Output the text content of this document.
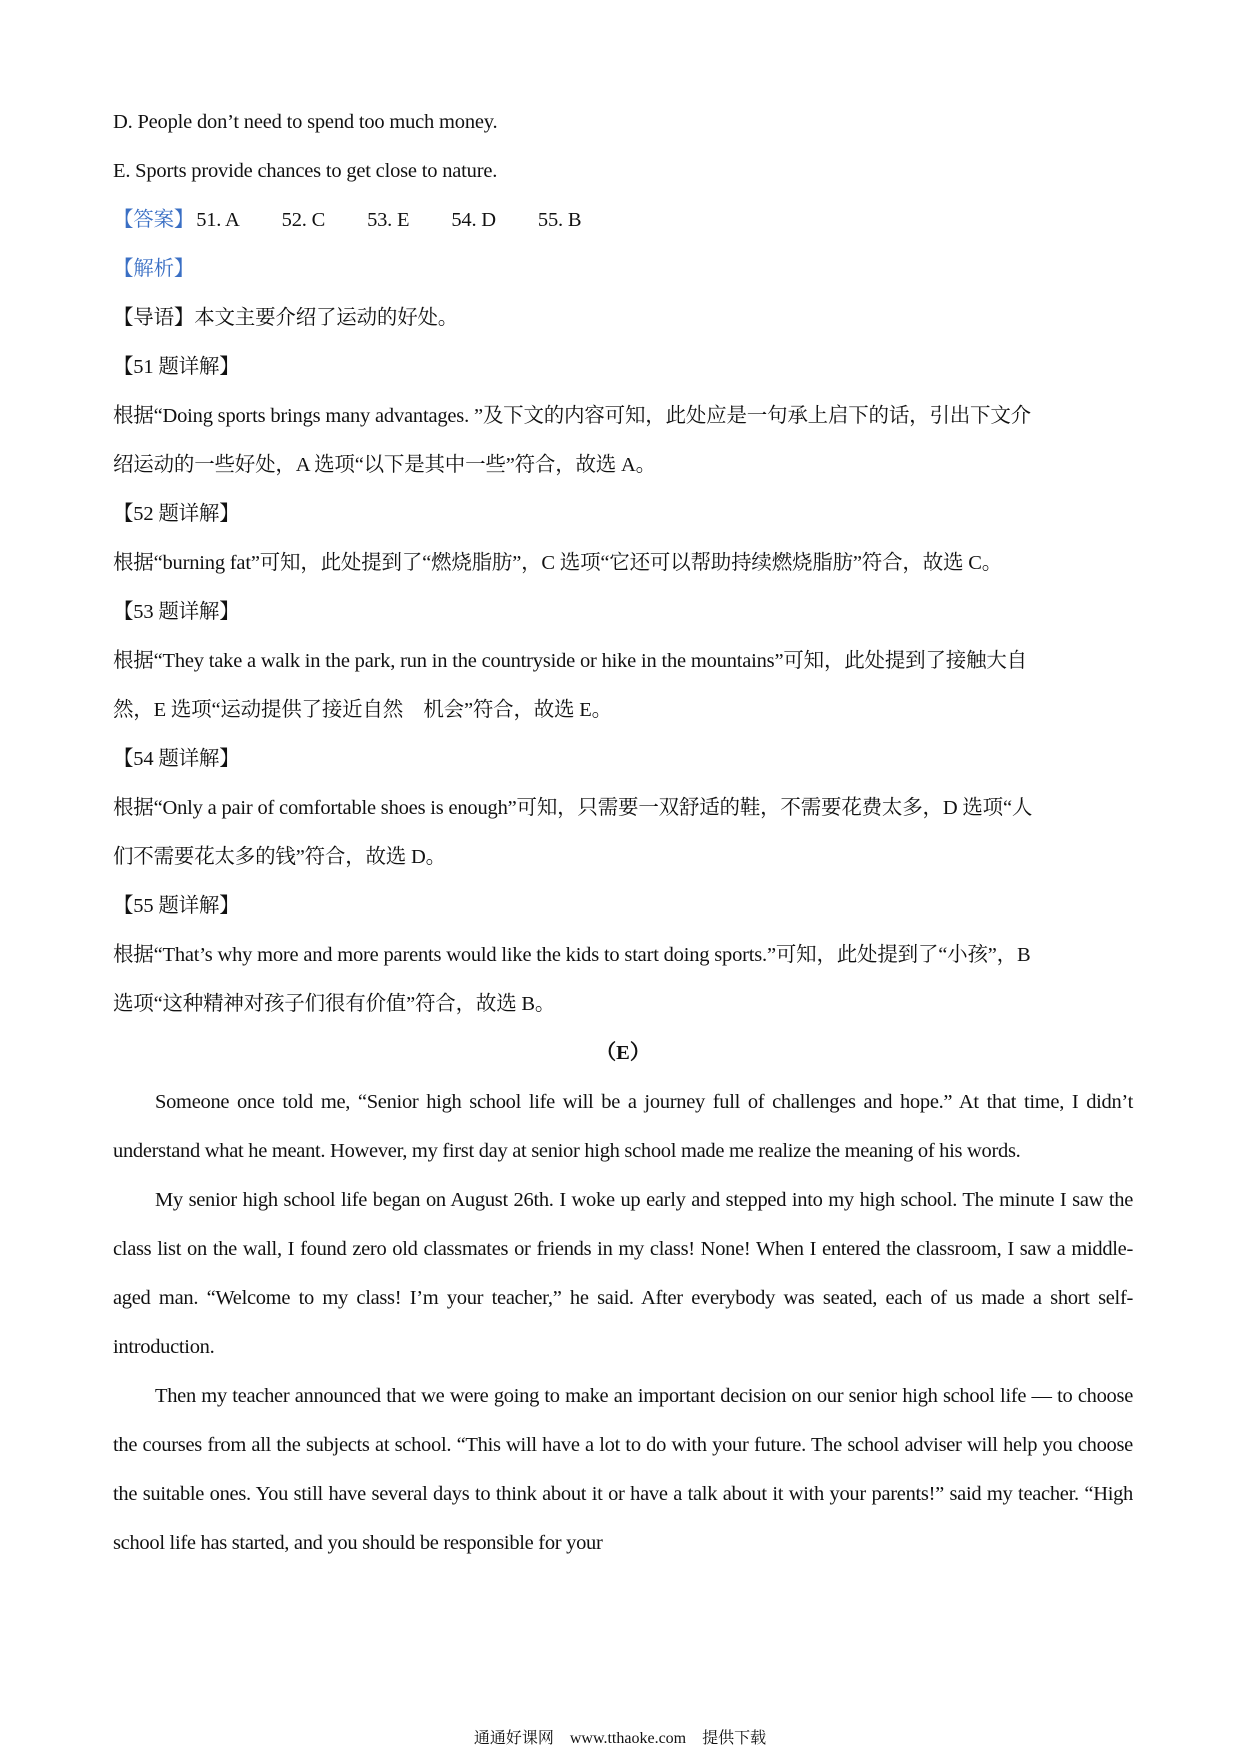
D. People don’t need to spend too much money.
E. Sports provide chances to get close to nature.
【答案】51. A 52. C 53. E 54. D 55. B
【解析】
【导语】本文主要介绍了运动的好处。
【51 题详解】
根据“Doing sports brings many advantages. ”及下文的内容可知，此处应是一句承上启下的话，引出下文介
绍运动的一些好处，A 选项“以下是其中一些”符合，故选 A。
【52 题详解】
根据“burning fat”可知，此处提到了“燃烧脂肪”，C 选项“它还可以帮助持续燃烧脂肪”符合，故选 C。
【53 题详解】
根据“They take a walk in the park, run in the countryside or hike in the mountains”可知，此处提到了接触大自
然，E 选项“运动提供了接近自然　机会”符合，故选 E。
【54 题详解】
根据“Only a pair of comfortable shoes is enough”可知，只需要一双舒适的鞋，不需要花费太多，D 选项“人
们不需要花太多的钱”符合，故选 D。
【55 题详解】
根据“That’s why more and more parents would like the kids to start doing sports.”可知，此处提到了“小孩”，B
选项“这种精神对孩子们很有价值”符合，故选 B。
（E）
Someone once told me, “Senior high school life will be a journey full of challenges and hope.” At that time, I didn’t understand what he meant. However, my first day at senior high school made me realize the meaning of his words.
My senior high school life began on August 26th. I woke up early and stepped into my high school. The minute I saw the class list on the wall, I found zero old classmates or friends in my class! None! When I entered the classroom, I saw a middle-aged man. “Welcome to my class! I’m your teacher,” he said. After everybody was seated, each of us made a short self-introduction.
Then my teacher announced that we were going to make an important decision on our senior high school life — to choose the courses from all the subjects at school. “This will have a lot to do with your future. The school adviser will help you choose the suitable ones. You still have several days to think about it or have a talk about it with your parents!” said my teacher. “High school life has started, and you should be responsible for your
通通好课网　www.tthaoke.com　提供下载
